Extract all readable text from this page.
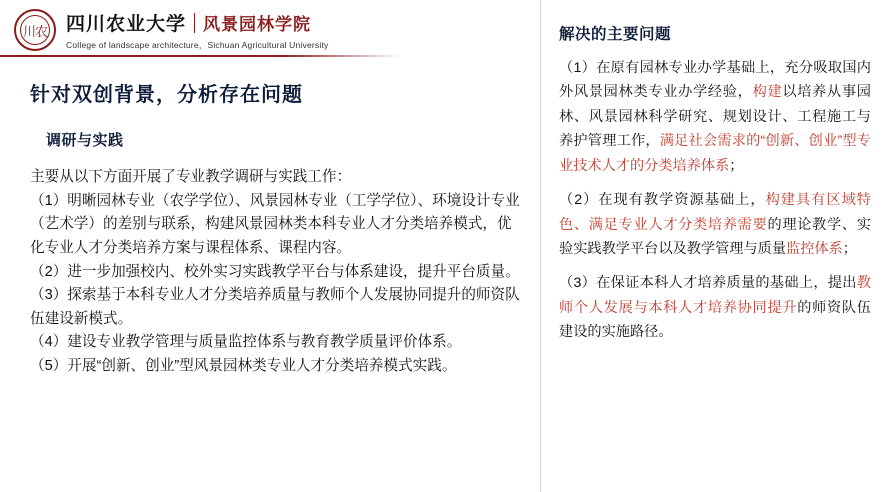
川农	四川农业大学 风景园林学院
College of landscape architecture，Sichuan Agricultural University
针对双创背景，分析存在问题
调研与实践

主要从以下方面开展了专业教学调研与实践工作：

（1）明晰园林专业（农学学位）、风景园林专业（工学学位）、环境设计专业（艺术学）的差别与联系，构建风景园林类本科专业人才分类培养模式，优化专业人才分类培养方案与课程体系、课程内容。

（2）进一步加强校内、校外实习实践教学平台与体系建设，提升平台质量。

（3）探索基于本科专业人才分类培养质量与教师个人发展协同提升的师资队伍建设新模式。

（4）建设专业教学管理与质量监控体系与教育教学质量评价体系。

（5）开展“创新、创业”型风景园林类专业人才分类培养模式实践。

解决的主要问题

（1）在原有园林专业办学基础上，充分吸取国内外风景园林类专业办学经验，构建以培养从事园林、风景园林科学研究、规划设计、工程施工与养护管理工作，满足社会需求的“创新、创业”型专业技术人才的分类培养体系；

（2）在现有教学资源基础上，构建具有区域特色、满足专业人才分类培养需要的理论教学、实验实践教学平台以及教学管理与质量监控体系；

（3）在保证本科人才培养质量的基础上，提出教师个人发展与本科人才培养协同提升的师资队伍建设的实施路径。
